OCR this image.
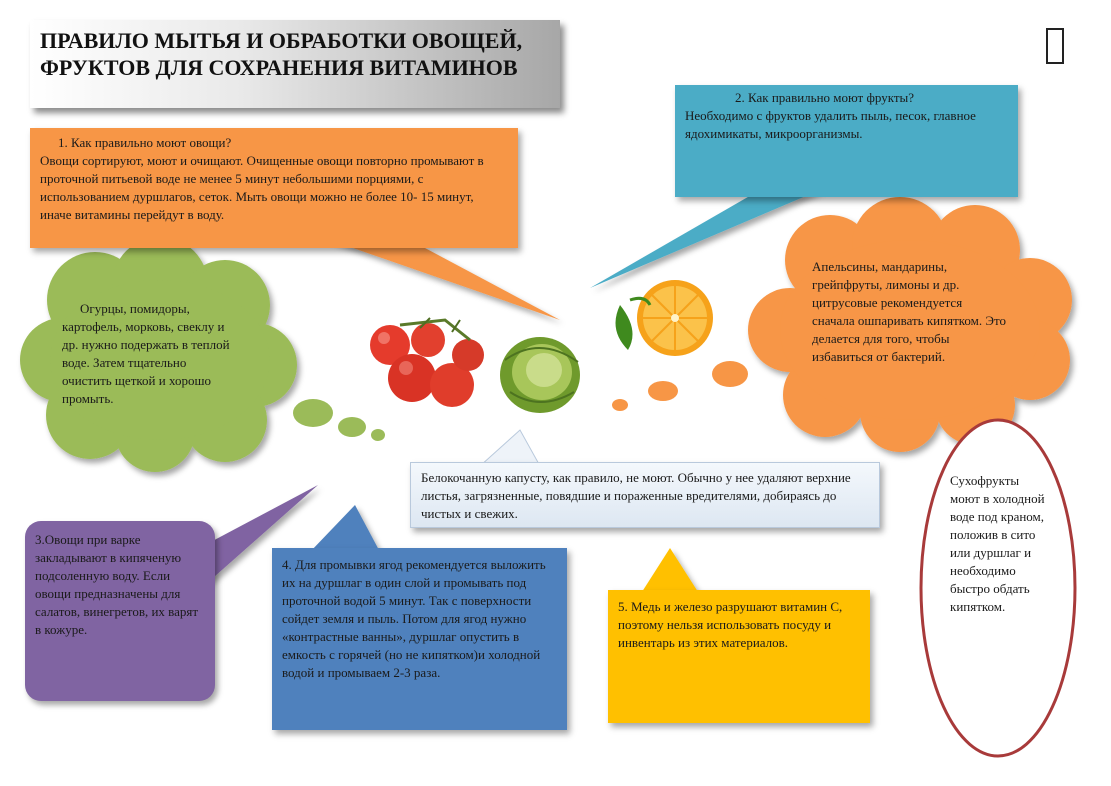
ПРАВИЛО МЫТЬЯ И ОБРАБОТКИ ОВОЩЕЙ, ФРУКТОВ ДЛЯ СОХРАНЕНИЯ ВИТАМИНОВ
1. Как правильно моют овощи?
Овощи сортируют, моют и очищают. Очищенные овощи повторно промывают в проточной питьевой воде не менее 5 минут небольшими порциями, с использованием дуршлагов, сеток. Мыть овощи можно не более 10- 15 минут, иначе витамины перейдут в воду.
2. Как правильно моют фрукты?
Необходимо с фруктов удалить пыль, песок, главное ядохимикаты, микроорганизмы.
Огурцы, помидоры, картофель, морковь, свеклу и др. нужно подержать в теплой воде. Затем тщательно очистить щеткой и хорошо промыть.
Апельсины, мандарины, грейпфруты, лимоны и др. цитрусовые рекомендуется сначала ошпаривать кипятком. Это делается для того, чтобы избавиться от бактерий.
Белокочанную капусту, как правило, не моют. Обычно у нее удаляют верхние листья, загрязненные, повядшие и пораженные вредителями, добираясь до чистых и свежих.
3.Овощи при варке закладывают в кипяченую подсоленную воду. Если овощи предназначены для салатов, винегретов, их варят в кожуре.
4. Для промывки ягод рекомендуется выложить их на дуршлаг в один слой и промывать под проточной водой 5 минут. Так с поверхности сойдет земля и пыль. Потом для ягод нужно «контрастные ванны», дуршлаг опустить в емкость с горячей (но не кипятком)и холодной водой и промываем 2-3 раза.
5. Медь и железо разрушают витамин С, поэтому нельзя использовать посуду и инвентарь из этих материалов.
Сухофрукты моют в холодной воде под краном, положив в сито или дуршлаг и необходимо быстро обдать кипятком.
